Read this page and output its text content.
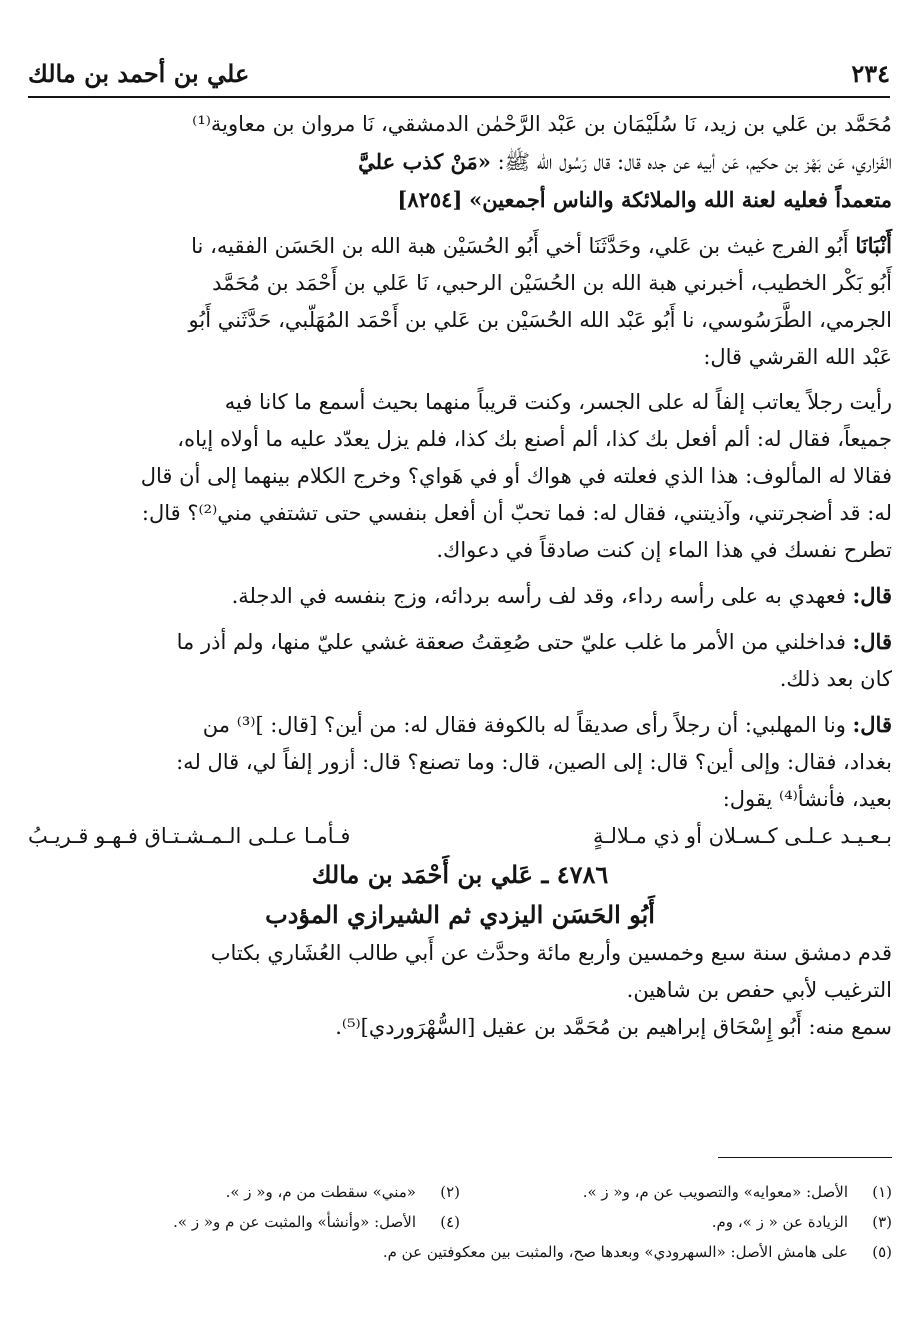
علي بن أحمد بن مالك	٢٣٤

مُحَمَّد بن عَلي بن زيد، نَا سُلَيْمَان بن عَبْد الرَّحْمٰن الدمشقي، نَا مروان بن معاوية⁽¹⁾

الفَزاري، عَن بَهْز بن حكيم، عَن أبيه عن جده قال: قال رَسُول الله ﷺ: «مَنْ كذب عليَّ

متعمداً فعليه لعنة الله والملائكة والناس أجمعين» [٨٢٥٤]

أَنْبَانَا أَبُو الفرج غيث بن عَلي، وحَدَّثَنَا أخي أَبُو الحُسَيْن هبة الله بن الحَسَن الفقيه، نا

أَبُو بَكْر الخطيب، أخبرني هبة الله بن الحُسَيْن الرحبي، نَا عَلي بن أَحْمَد بن مُحَمَّد

الجرمي، الطَّرَسُوسي، نا أَبُو عَبْد الله الحُسَيْن بن عَلي بن أَحْمَد المُهَلّبي، حَدَّثَني أَبُو

عَبْد الله القرشي قال:

رأيت رجلاً يعاتب إلفاً له على الجسر، وكنت قريباً منهما بحيث أسمع ما كانا فيه

جميعاً، فقال له: ألم أفعل بك كذا، ألم أصنع بك كذا، فلم يزل يعدّد عليه ما أولاه إياه،

فقالا له المألوف: هذا الذي فعلته في هواك أو في هَواي؟ وخرج الكلام بينهما إلى أن قال

له: قد أضجرتني، وآذيتني، فقال له: فما تحبّ أن أفعل بنفسي حتى تشتفي مني⁽²⁾؟ قال:

تطرح نفسك في هذا الماء إن كنت صادقاً في دعواك.

قال: فعهدي به على رأسه رداء، وقد لف رأسه بردائه، وزج بنفسه في الدجلة.

قال: فداخلني من الأمر ما غلب عليّ حتى صُعِقتُ صعقة غشي عليّ منها، ولم أذر ما

كان بعد ذلك.

قال: ونا المهلبي: أن رجلاً رأى صديقاً له بالكوفة فقال له: من أين؟ [قال: ]⁽³⁾ من

بغداد، فقال: وإلى أين؟ قال: إلى الصين، قال: وما تصنع؟ قال: أزور إلفاً لي، قال له:

بعيد، فأنشأ⁽⁴⁾ يقول:

بـعـيـد عـلـى كـسـلان أو ذي مـلالـةٍ
فـأمـا عـلـى الـمـشـتـاق فـهـو قـريـبُ
٤٧٨٦ ـ عَلي بن أَحْمَد بن مالك
أَبُو الحَسَن اليزدي ثم الشيرازي المؤدب

قدم دمشق سنة سبع وخمسين وأربع مائة وحدَّث عن أَبي طالب العُشَاري بكتاب

الترغيب لأبي حفص بن شاهين.

سمع منه: أَبُو إِسْحَاق إبراهيم بن مُحَمَّد بن عقيل [السُّهْرَوردي]⁽⁵⁾.

(١)الأصل: «معوايه» والتصويب عن م، و« ز ».
(٢)«مني» سقطت من م، و« ز ».
(٣)الزيادة عن « ز »، وم.
(٤)الأصل: «وأنشأ» والمثبت عن م و« ز ».
(٥)على هامش الأصل: «السهرودي» وبعدها صح، والمثبت بين معكوفتين عن م.
